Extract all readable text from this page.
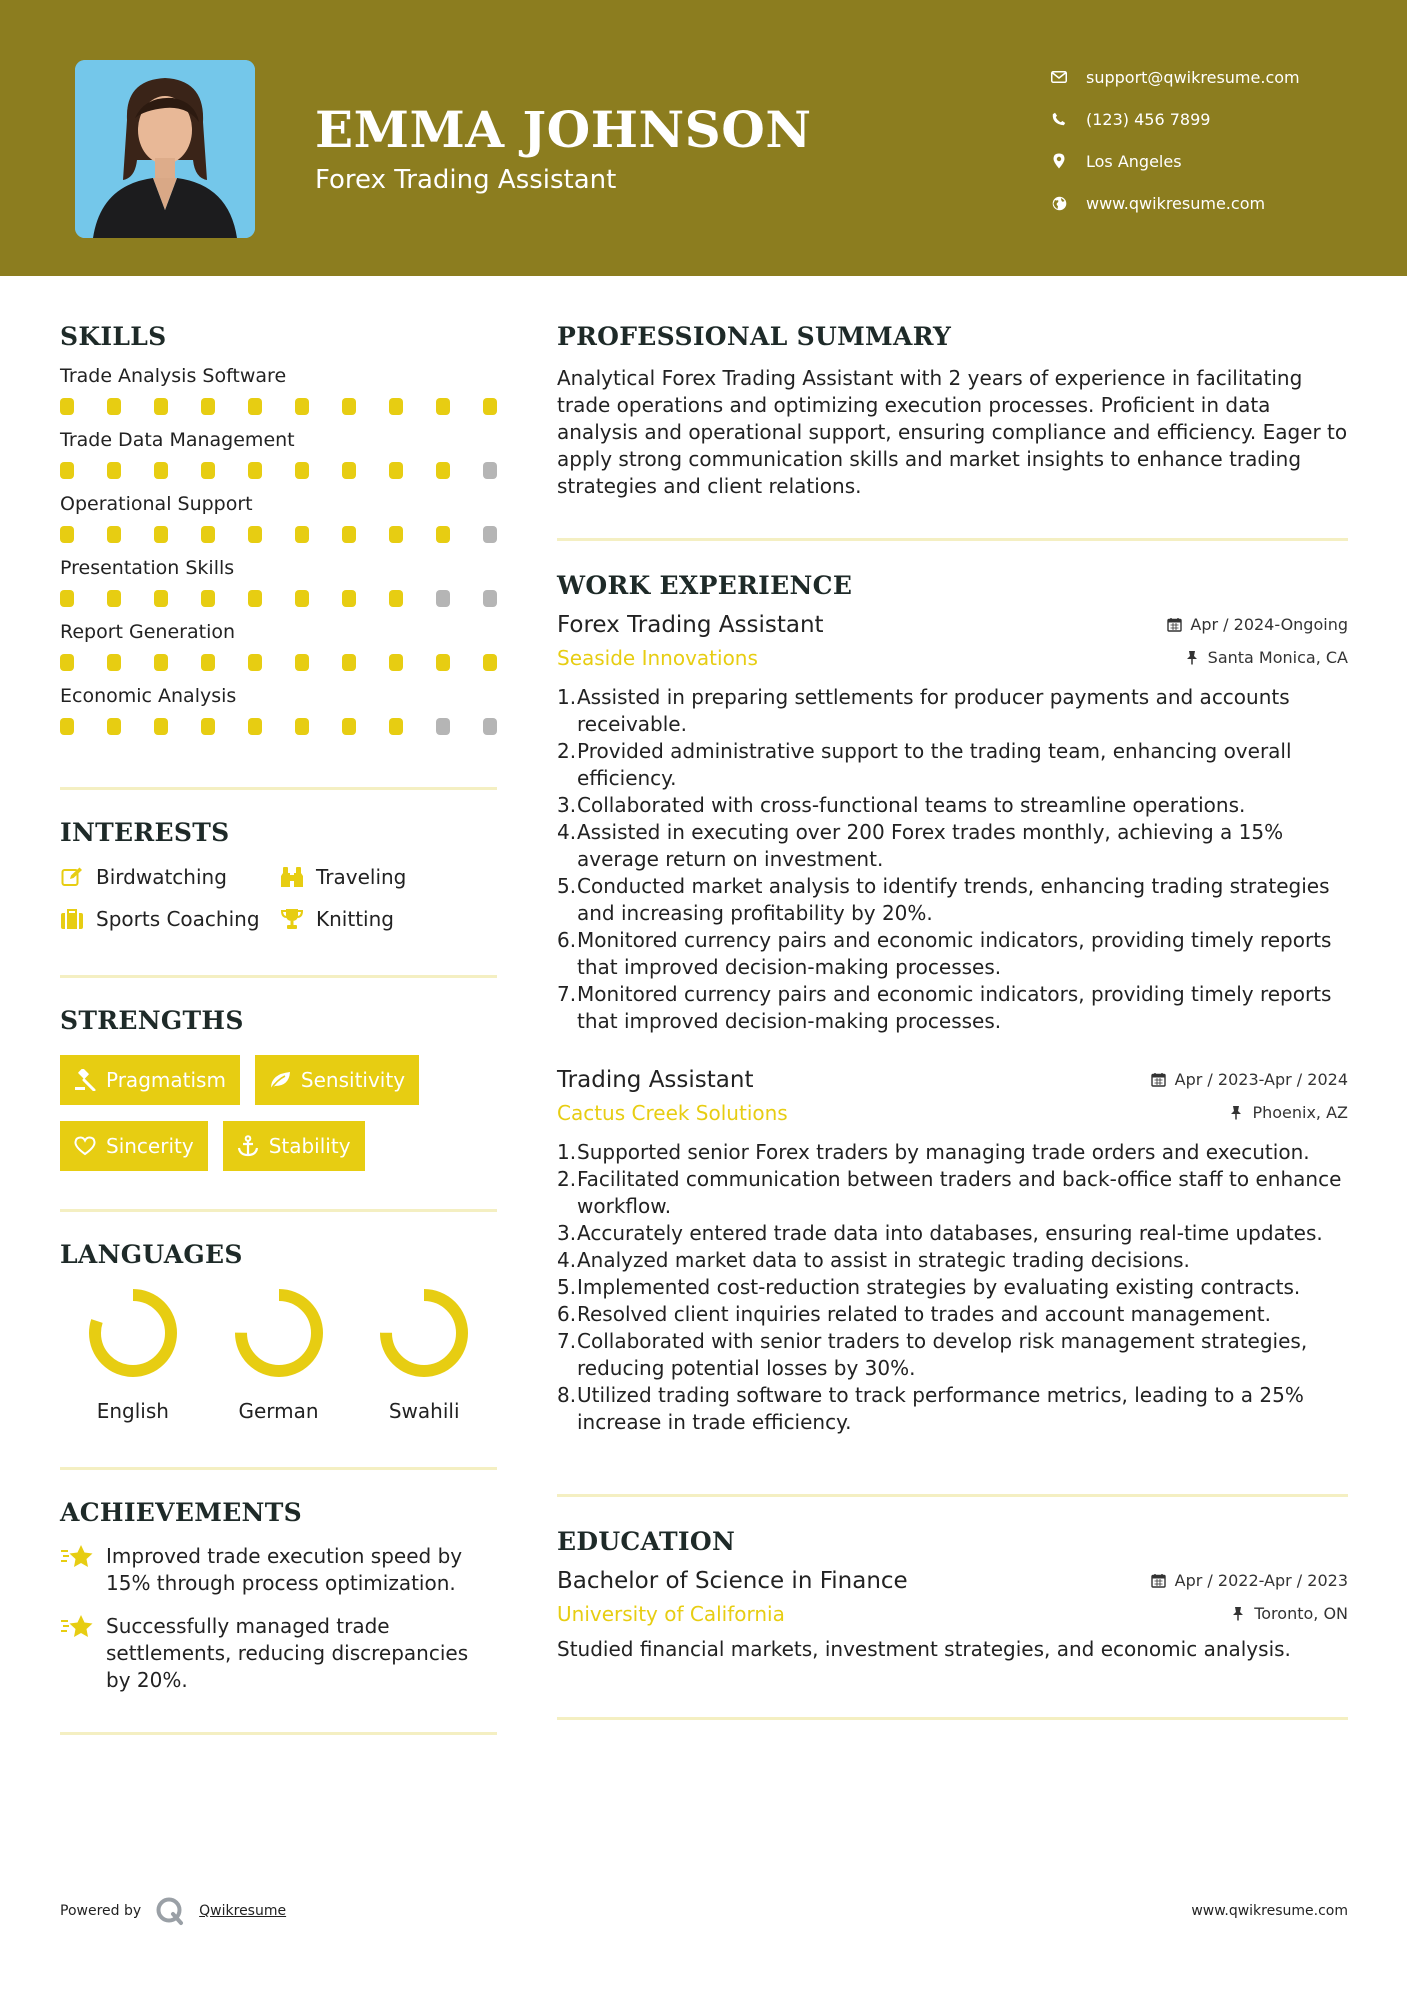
EMMA JOHNSON
Forex Trading Assistant
support@qwikresume.com
(123) 456 7899
Los Angeles
www.qwikresume.com
SKILLS
Trade Analysis Software
Trade Data Management
Operational Support
Presentation Skills
Report Generation
Economic Analysis
INTERESTS
Birdwatching	Traveling
Sports Coaching	Knitting
STRENGTHS
Pragmatism	Sensitivity
Sincerity	Stability
LANGUAGES
English	German	Swahili
ACHIEVEMENTS
Improved trade execution speed by 15% through process optimization.
Successfully managed trade settlements, reducing discrepancies by 20%.
PROFESSIONAL SUMMARY

Analytical Forex Trading Assistant with 2 years of experience in facilitating trade operations and optimizing execution processes. Proficient in data analysis and operational support, ensuring compliance and efficiency. Eager to apply strong communication skills and market insights to enhance trading strategies and client relations.

WORK EXPERIENCE
Forex Trading Assistant	Apr / 2024-Ongoing
Seaside Innovations	Santa Monica, CA
1. Assisted in preparing settlements for producer payments and accounts receivable.
2. Provided administrative support to the trading team, enhancing overall efficiency.
3. Collaborated with cross-functional teams to streamline operations.
4. Assisted in executing over 200 Forex trades monthly, achieving a 15% average return on investment.
5. Conducted market analysis to identify trends, enhancing trading strategies and increasing profitability by 20%.
6. Monitored currency pairs and economic indicators, providing timely reports that improved decision-making processes.
7. Monitored currency pairs and economic indicators, providing timely reports that improved decision-making processes.
Trading Assistant	Apr / 2023-Apr / 2024
Cactus Creek Solutions	Phoenix, AZ
1. Supported senior Forex traders by managing trade orders and execution.
2. Facilitated communication between traders and back-office staff to enhance workflow.
3. Accurately entered trade data into databases, ensuring real-time updates.
4. Analyzed market data to assist in strategic trading decisions.
5. Implemented cost-reduction strategies by evaluating existing contracts.
6. Resolved client inquiries related to trades and account management.
7. Collaborated with senior traders to develop risk management strategies, reducing potential losses by 30%.
8. Utilized trading software to track performance metrics, leading to a 25% increase in trade efficiency.
EDUCATION
Bachelor of Science in Finance	Apr / 2022-Apr / 2023
University of California	Toronto, ON

Studied financial markets, investment strategies, and economic analysis.

Powered by	Qwikresume	www.qwikresume.com
